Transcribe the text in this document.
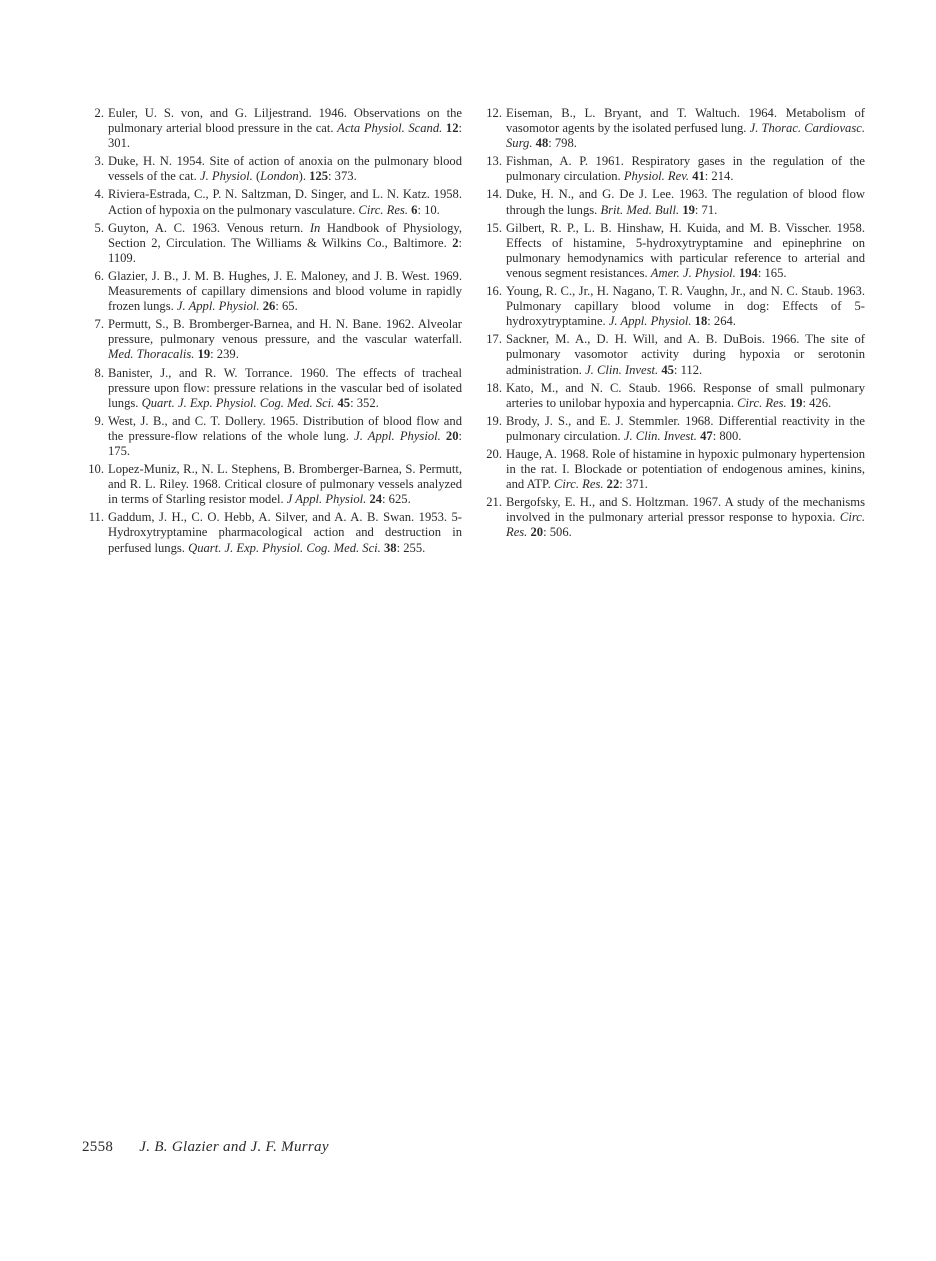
2. Euler, U. S. von, and G. Liljestrand. 1946. Observations on the pulmonary arterial blood pressure in the cat. Acta Physiol. Scand. 12: 301.
3. Duke, H. N. 1954. Site of action of anoxia on the pulmonary blood vessels of the cat. J. Physiol. (London). 125: 373.
4. Riviera-Estrada, C., P. N. Saltzman, D. Singer, and L. N. Katz. 1958. Action of hypoxia on the pulmonary vasculature. Circ. Res. 6: 10.
5. Guyton, A. C. 1963. Venous return. In Handbook of Physiology, Section 2, Circulation. The Williams & Wilkins Co., Baltimore. 2: 1109.
6. Glazier, J. B., J. M. B. Hughes, J. E. Maloney, and J. B. West. 1969. Measurements of capillary dimensions and blood volume in rapidly frozen lungs. J. Appl. Physiol. 26: 65.
7. Permutt, S., B. Bromberger-Barnea, and H. N. Bane. 1962. Alveolar pressure, pulmonary venous pressure, and the vascular waterfall. Med. Thoracalis. 19: 239.
8. Banister, J., and R. W. Torrance. 1960. The effects of tracheal pressure upon flow: pressure relations in the vascular bed of isolated lungs. Quart. J. Exp. Physiol. Cog. Med. Sci. 45: 352.
9. West, J. B., and C. T. Dollery. 1965. Distribution of blood flow and the pressure-flow relations of the whole lung. J. Appl. Physiol. 20: 175.
10. Lopez-Muniz, R., N. L. Stephens, B. Bromberger-Barnea, S. Permutt, and R. L. Riley. 1968. Critical closure of pulmonary vessels analyzed in terms of Starling resistor model. J Appl. Physiol. 24: 625.
11. Gaddum, J. H., C. O. Hebb, A. Silver, and A. A. B. Swan. 1953. 5-Hydroxytryptamine pharmacological action and destruction in perfused lungs. Quart. J. Exp. Physiol. Cog. Med. Sci. 38: 255.
12. Eiseman, B., L. Bryant, and T. Waltuch. 1964. Metabolism of vasomotor agents by the isolated perfused lung. J. Thorac. Cardiovasc. Surg. 48: 798.
13. Fishman, A. P. 1961. Respiratory gases in the regulation of the pulmonary circulation. Physiol. Rev. 41: 214.
14. Duke, H. N., and G. De J. Lee. 1963. The regulation of blood flow through the lungs. Brit. Med. Bull. 19: 71.
15. Gilbert, R. P., L. B. Hinshaw, H. Kuida, and M. B. Visscher. 1958. Effects of histamine, 5-hydroxytryptamine and epinephrine on pulmonary hemodynamics with particular reference to arterial and venous segment resistances. Amer. J. Physiol. 194: 165.
16. Young, R. C., Jr., H. Nagano, T. R. Vaughn, Jr., and N. C. Staub. 1963. Pulmonary capillary blood volume in dog: Effects of 5-hydroxytryptamine. J. Appl. Physiol. 18: 264.
17. Sackner, M. A., D. H. Will, and A. B. DuBois. 1966. The site of pulmonary vasomotor activity during hypoxia or serotonin administration. J. Clin. Invest. 45: 112.
18. Kato, M., and N. C. Staub. 1966. Response of small pulmonary arteries to unilobar hypoxia and hypercapnia. Circ. Res. 19: 426.
19. Brody, J. S., and E. J. Stemmler. 1968. Differential reactivity in the pulmonary circulation. J. Clin. Invest. 47: 800.
20. Hauge, A. 1968. Role of histamine in hypoxic pulmonary hypertension in the rat. I. Blockade or potentiation of endogenous amines, kinins, and ATP. Circ. Res. 22: 371.
21. Bergofsky, E. H., and S. Holtzman. 1967. A study of the mechanisms involved in the pulmonary arterial pressor response to hypoxia. Circ. Res. 20: 506.
2558 J. B. Glazier and J. F. Murray
